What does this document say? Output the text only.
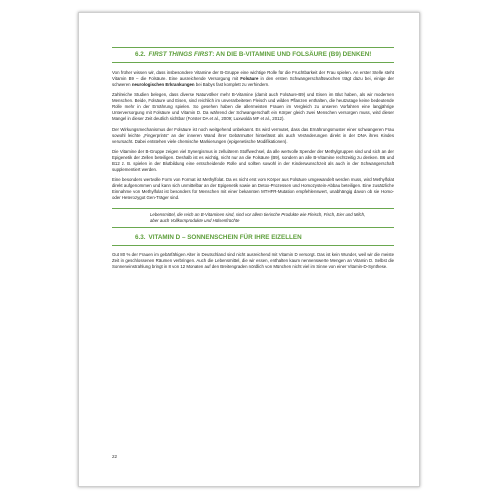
6.2. FIRST THINGS FIRST: AN DIE B-VITAMINE UND FOLSÄURE (B9) DENKEN!

Von früher wissen wir, dass insbesondere Vitamine der B-Gruppe eine wichtige Rolle für die Fruchtbarkeit der Frau spielen. An erster Stelle steht Vitamin B9 – die Folsäure. Eine ausreichende Versorgung mit Folsäure in den ersten Schwangerschaftswochen trägt dazu bei, einige der schweren neurologischen Erkrankungen bei Babys fast komplett zu verhindern.

Zahlreiche Studien belegen, dass diverse Naturvölker mehr B-Vitamine (damit auch Folsäure-B9) und Eisen im Blut haben, als wir modernen Menschen. Beide, Folsäure und Eisen, sind reichlich im unverarbeiteten Fleisch und wilden Pflanzen enthalten, die heutzutage keine bedeutende Rolle mehr in der Ernährung spielen. So gesehen haben die allermeisten Frauen im Vergleich zu unseren Vorfahren eine langjährige Unterversorgung mit Folsäure und Vitamin D. Da während der Schwangerschaft ein Körper gleich zwei Menschen versorgen muss, wird dieser Mangel in dieser Zeit deutlich sichtbar (Forster DA et al., 2009; Luxwolda MF et al., 2012).

Der Wirkungsmechanismus der Folsäure ist noch weitgehend unbekannt. Es wird vermutet, dass das Ernährungsmuster einer schwangeren Frau sowohl leichte „Fingerprints“ an der inneren Wand ihrer Gebärmutter hinterlässt als auch Veränderungen direkt in der DNA ihres Kindes verursacht. Dabei entstehen viele chemische Markierungen (epigenetische Modifikationen).

Die Vitamine der B-Gruppe zeigen viel Synergismus in zellulärem Stoffwechsel, da alle wertvolle Spender der Methylgruppen sind und sich an der Epigenetik der Zellen beteiligen. Deshalb ist es wichtig, nicht nur an die Folsäure (B9), sondern an alle B-Vitamine rechtzeitig zu denken. B6 und B12 z. B. spielen in der Blutbildung eine entscheidende Rolle und sollten sowohl in der Kinderwunschzeit als auch in der Schwangerschaft supplementiert werden.

Eine besonders wertvolle Form von Format ist Methylfolat. Da es nicht erst vom Körper aus Folsäure umgewandelt werden muss, wird Methylfolat direkt aufgenommen und kann sich unmittelbar an der Epigenetik sowie an Detox-Prozessen und Homozystein-Abbau beteiligen. Eine zusätzliche Einnahme von Methylfolat ist besonders für Menschen mit einer bekannten MTHFR-Mutation empfehlenswert, unabhängig davon ob sie Homo- oder Heterozygot Gen-Träger sind.

Lebensmittel, die reich an B-Vitaminen sind, sind vor allem tierische Produkte wie Fleisch, Fisch, Eier und Milch, aber auch Vollkornprodukte und Hülsenfrüchte
6.3. VITAMIN D – SONNENSCHEIN FÜR IHRE EIZELLEN

Gut 80 % der Frauen im gebärfähigen Alter in Deutschland sind nicht ausreichend mit Vitamin D versorgt. Das ist kein Wunder, weil wir die meiste Zeit in geschlossenen Räumen verbringen. Auch die Lebensmittel, die wir essen, enthalten kaum nennenswerte Mengen an Vitamin D. Selbst die Sonneneinstrahlung bringt in 8 von 12 Monaten auf den Breitengraden nördlich von München nicht viel im Sinne von einer Vitamin-D-Synthese.

22
